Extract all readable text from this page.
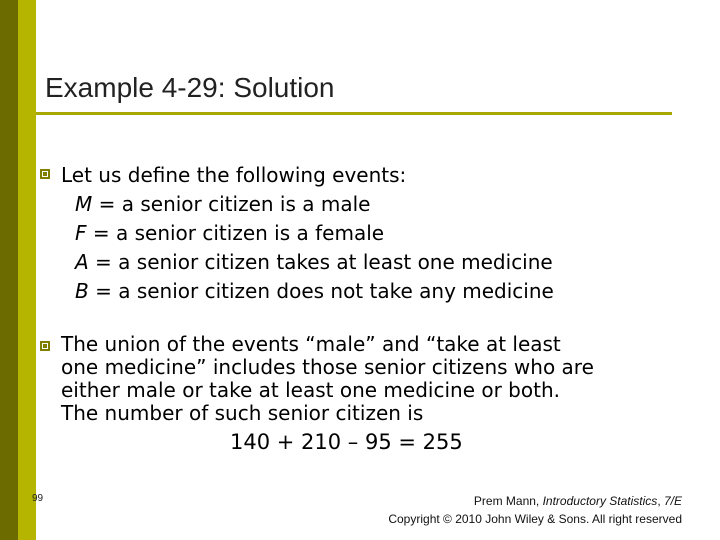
Example 4-29: Solution
Let us define the following events:
M = a senior citizen is a male
F = a senior citizen is a female
A = a senior citizen takes at least one medicine
B = a senior citizen does not take any medicine
The union of the events “male” and “take at least
one medicine” includes those senior citizens who are
either male or take at least one medicine or both.
The number of such senior citizen is
140 + 210 – 95 = 255
99	Prem Mann, Introductory Statistics, 7/E
Copyright © 2010 John Wiley & Sons. All right reserved
